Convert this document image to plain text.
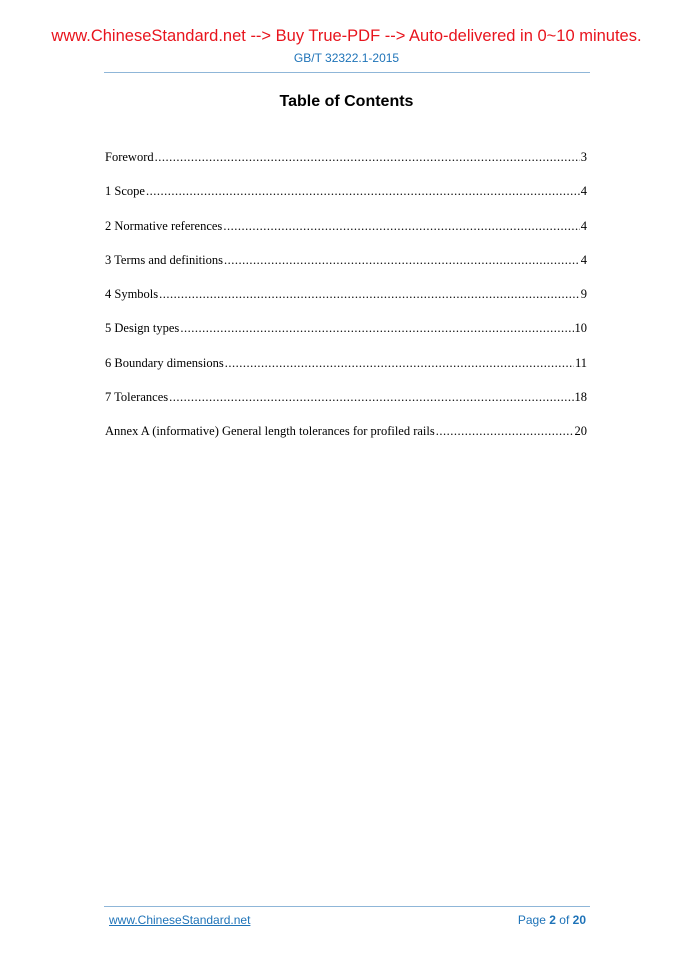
www.ChineseStandard.net --> Buy True-PDF --> Auto-delivered in 0~10 minutes.
GB/T 32322.1-2015
Table of Contents
Foreword .....	3
1 Scope .....	4
2 Normative references .....	4
3 Terms and definitions .....	4
4 Symbols .....	9
5 Design types .....	10
6 Boundary dimensions .....	11
7 Tolerances .....	18
Annex A (informative) General length tolerances for profiled rails .....	20
www.ChineseStandard.net	Page 2 of 20
